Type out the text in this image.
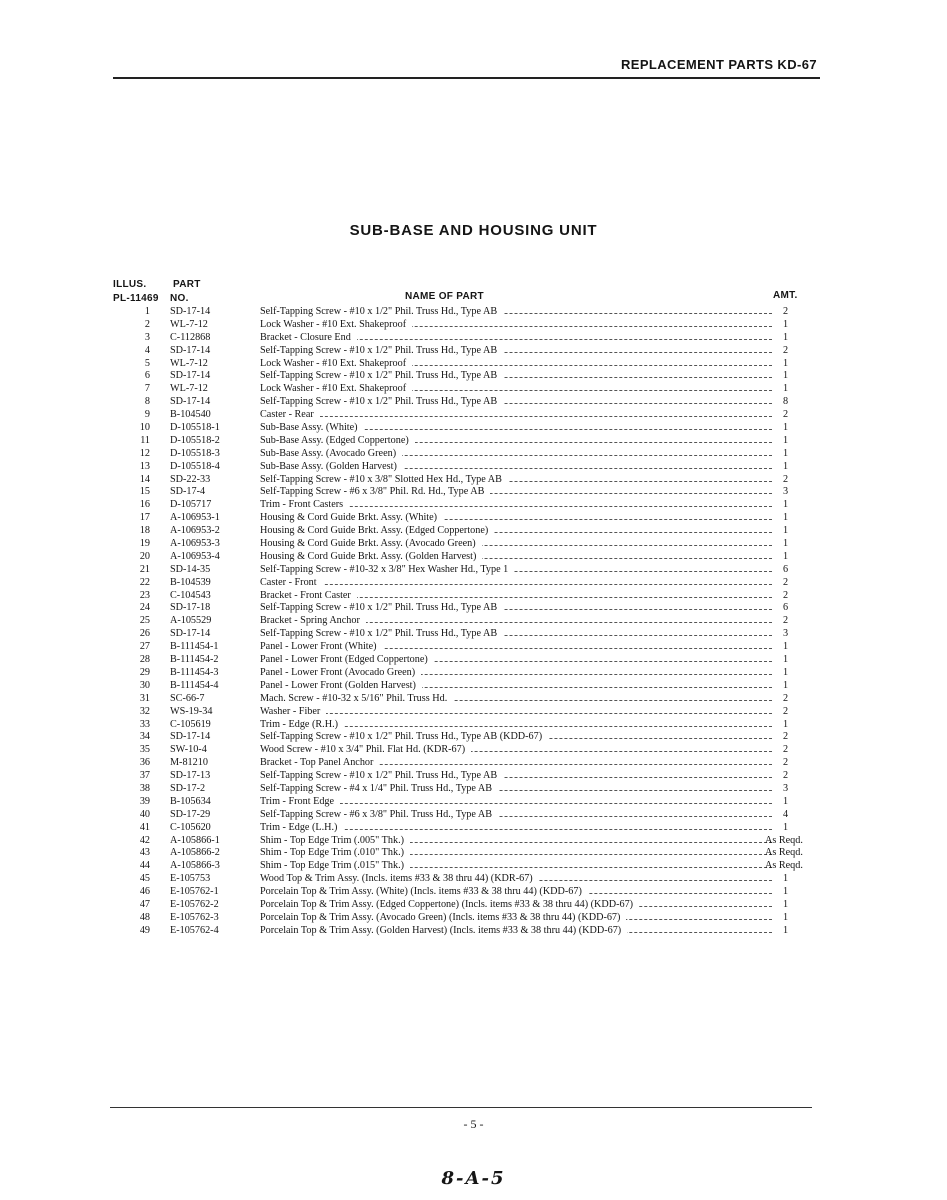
REPLACEMENT PARTS KD-67
SUB-BASE AND HOUSING UNIT
ILLUS.
PL-11469
PART
NO.	NAME OF PART	AMT.
1 SD-17-14	Self-Tapping Screw - #10 x 1/2" Phil. Truss Hd., Type AB	2
2 WL-7-12	Lock Washer - #10 Ext. Shakeproof	1
3 C-112868	Bracket - Closure End	1
4 SD-17-14	Self-Tapping Screw - #10 x 1/2" Phil. Truss Hd., Type AB	2
5 WL-7-12	Lock Washer - #10 Ext. Shakeproof	1
6 SD-17-14	Self-Tapping Screw - #10 x 1/2" Phil. Truss Hd., Type AB	1
7 WL-7-12	Lock Washer - #10 Ext. Shakeproof	1
8 SD-17-14	Self-Tapping Screw - #10 x 1/2" Phil. Truss Hd., Type AB	8
9 B-104540	Caster - Rear	2
10 D-105518-1	Sub-Base Assy. (White)	1
11 D-105518-2	Sub-Base Assy. (Edged Coppertone)	1
12 D-105518-3	Sub-Base Assy. (Avocado Green)	1
13 D-105518-4	Sub-Base Assy. (Golden Harvest)	1
14 SD-22-33	Self-Tapping Screw - #10 x 3/8" Slotted Hex Hd., Type AB	2
15 SD-17-4	Self-Tapping Screw - #6 x 3/8" Phil. Rd. Hd., Type AB	3
16 D-105717	Trim - Front Casters	1
17 A-106953-1	Housing & Cord Guide Brkt. Assy. (White)	1
18 A-106953-2	Housing & Cord Guide Brkt. Assy. (Edged Coppertone)	1
19 A-106953-3	Housing & Cord Guide Brkt. Assy. (Avocado Green)	1
20 A-106953-4	Housing & Cord Guide Brkt. Assy. (Golden Harvest)	1
21 SD-14-35	Self-Tapping Screw - #10-32 x 3/8" Hex Washer Hd., Type 1	6
22 B-104539	Caster - Front	2
23 C-104543	Bracket - Front Caster	2
24 SD-17-18	Self-Tapping Screw - #10 x 1/2" Phil. Truss Hd., Type AB	6
25 A-105529	Bracket - Spring Anchor	2
26 SD-17-14	Self-Tapping Screw - #10 x 1/2" Phil. Truss Hd., Type AB	3
27 B-111454-1	Panel - Lower Front (White)	1
28 B-111454-2	Panel - Lower Front (Edged Coppertone)	1
29 B-111454-3	Panel - Lower Front (Avocado Green)	1
30 B-111454-4	Panel - Lower Front (Golden Harvest)	1
31 SC-66-7	Mach. Screw - #10-32 x 5/16" Phil. Truss Hd.	2
32 WS-19-34	Washer - Fiber	2
33 C-105619	Trim - Edge (R.H.)	1
34 SD-17-14	Self-Tapping Screw - #10 x 1/2" Phil. Truss Hd., Type AB (KDD-67)	2
35 SW-10-4	Wood Screw - #10 x 3/4" Phil. Flat Hd. (KDR-67)	2
36 M-81210	Bracket - Top Panel Anchor	2
37 SD-17-13	Self-Tapping Screw - #10 x 1/2" Phil. Truss Hd., Type AB	2
38 SD-17-2	Self-Tapping Screw - #4 x 1/4" Phil. Truss Hd., Type AB	3
39 B-105634	Trim - Front Edge	1
40 SD-17-29	Self-Tapping Screw - #6 x 3/8" Phil. Truss Hd., Type AB	4
41 C-105620	Trim - Edge (L.H.)	1
42 A-105866-1	Shim - Top Edge Trim (.005" Thk.)	As Reqd.
43 A-105866-2	Shim - Top Edge Trim (.010" Thk.)	As Reqd.
44 A-105866-3	Shim - Top Edge Trim (.015" Thk.)	As Reqd.
45 E-105753	Wood Top & Trim Assy. (Incls. items #33 & 38 thru 44) (KDR-67)	1
46 E-105762-1	Porcelain Top & Trim Assy. (White) (Incls. items #33 & 38 thru 44) (KDD-67)	1
47 E-105762-2	Porcelain Top & Trim Assy. (Edged Coppertone) (Incls. items #33 & 38 thru 44) (KDD-67)	1
48 E-105762-3	Porcelain Top & Trim Assy. (Avocado Green) (Incls. items #33 & 38 thru 44) (KDD-67)	1
49 E-105762-4	Porcelain Top & Trim Assy. (Golden Harvest) (Incls. items #33 & 38 thru 44) (KDD-67)	1
- 5 -
8-A-5
